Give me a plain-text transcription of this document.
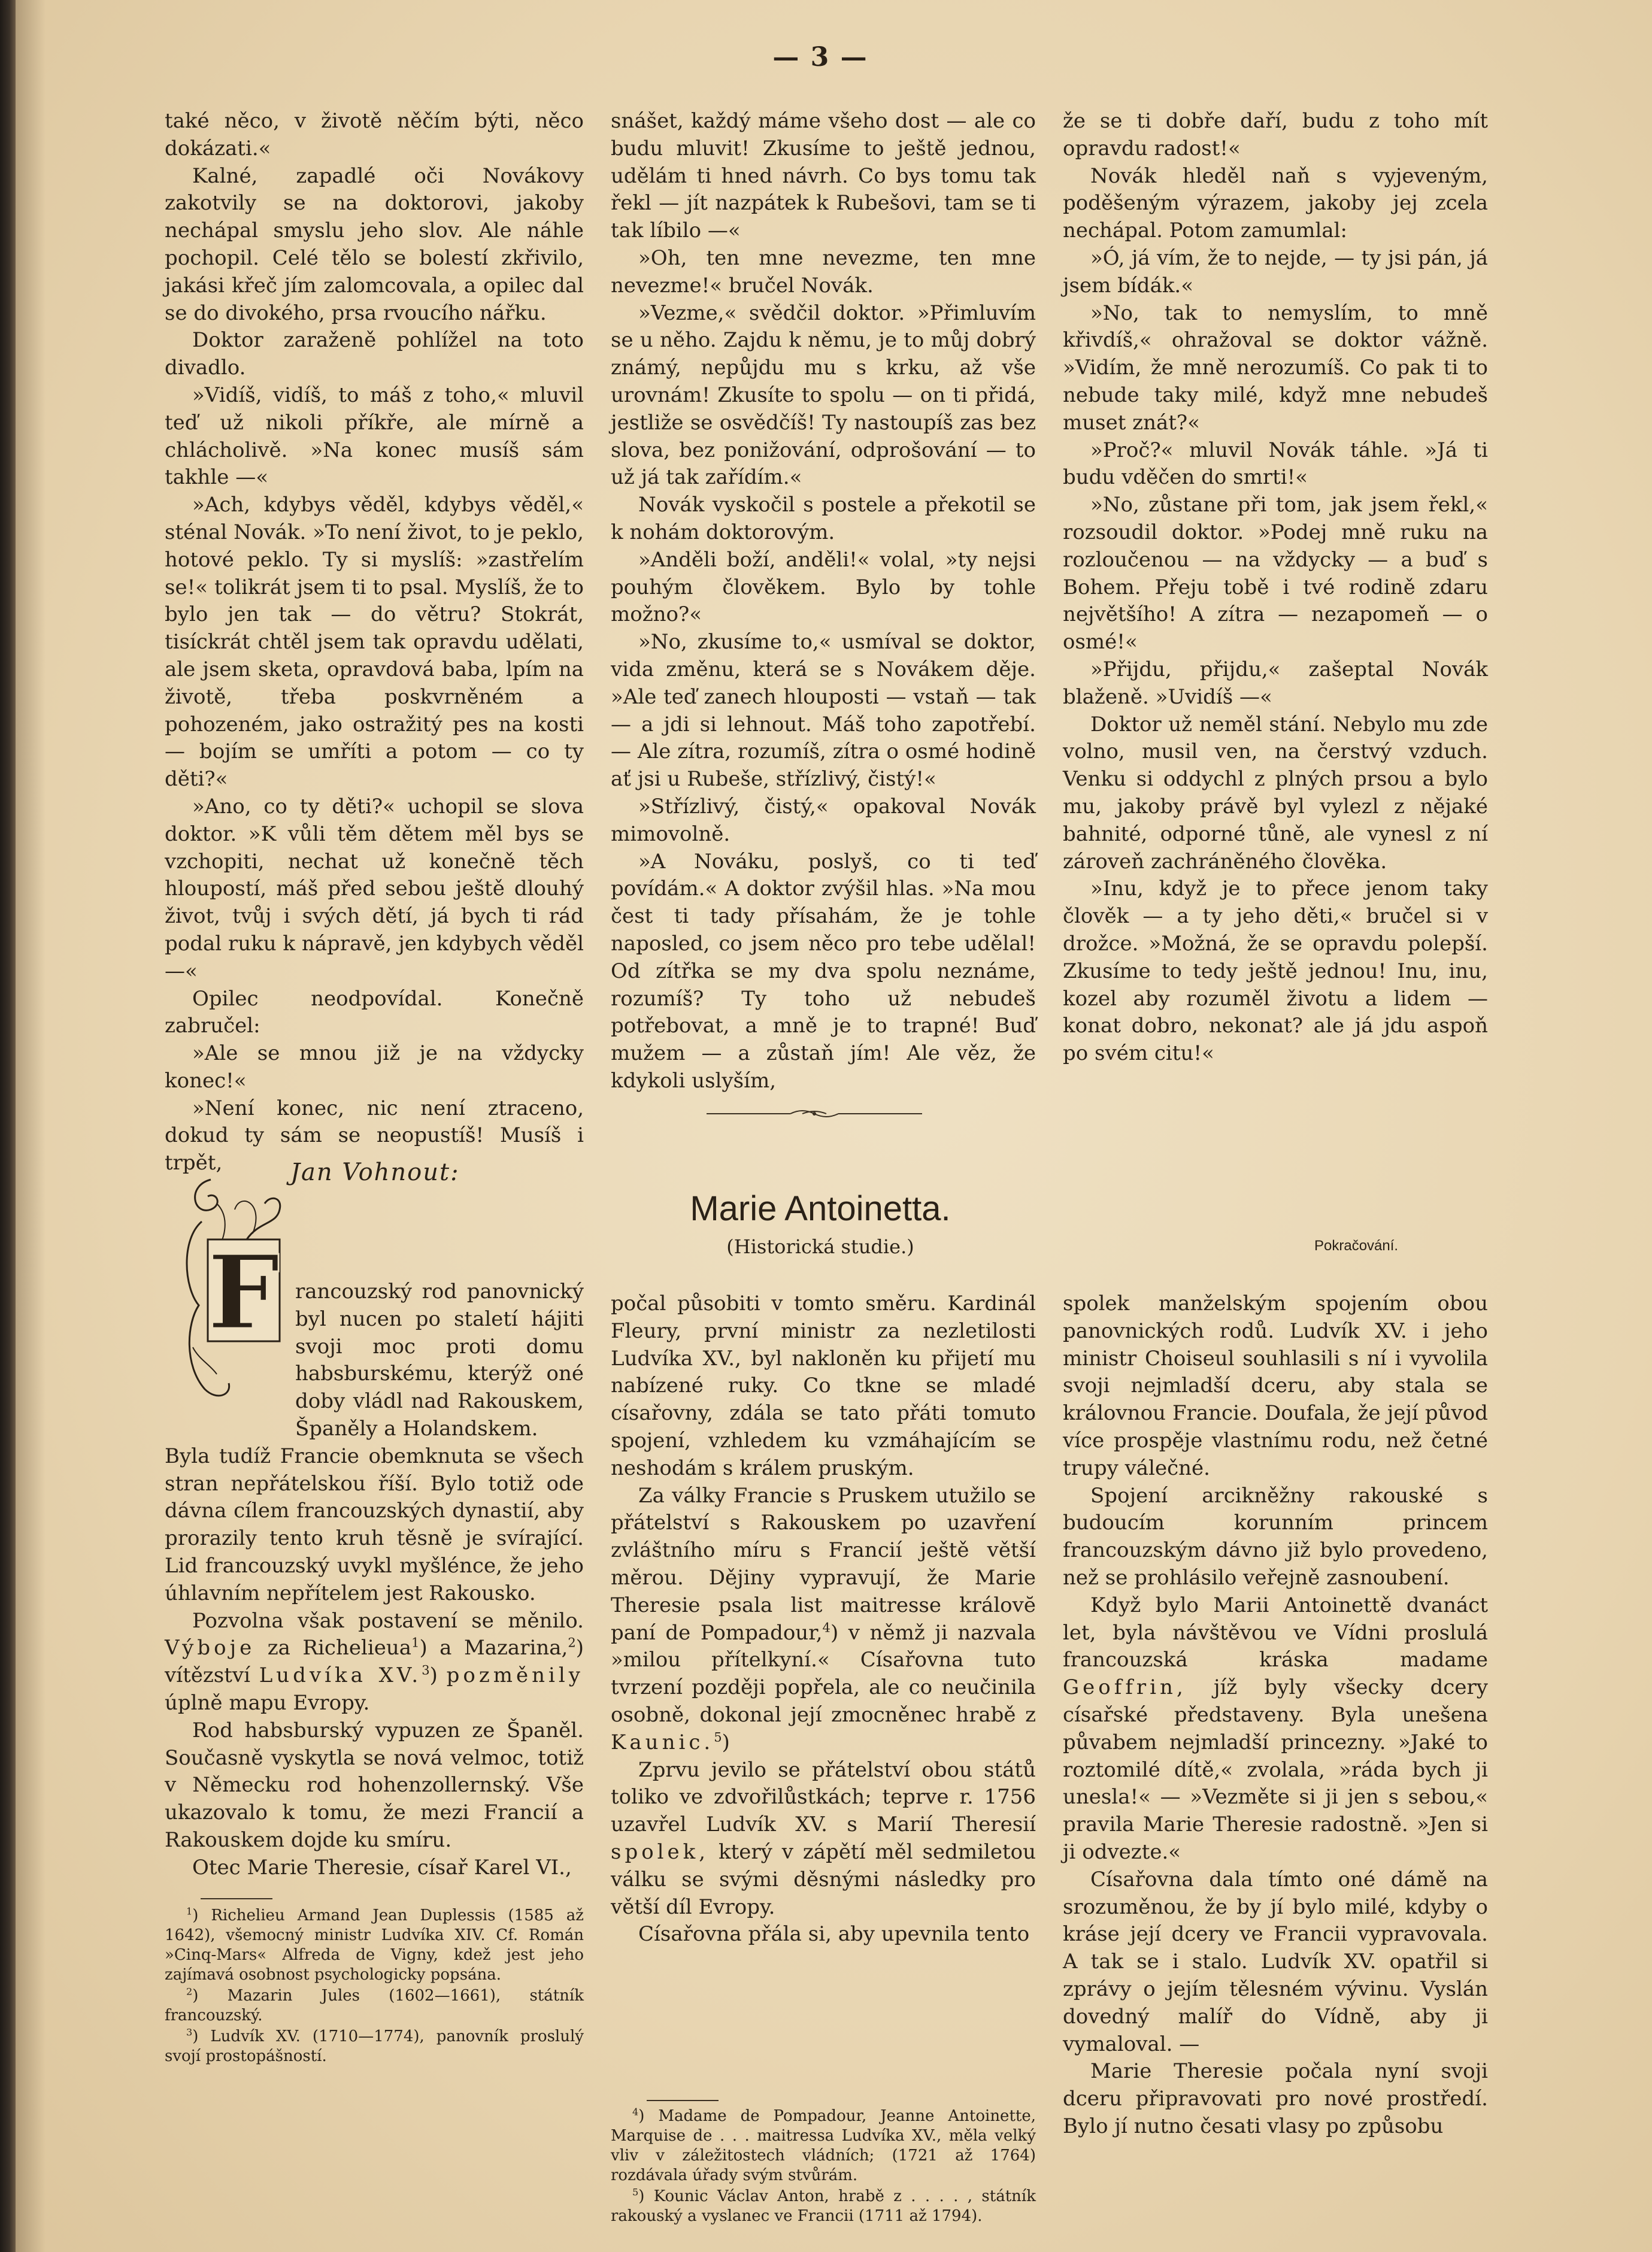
— 3 —

také něco, v životě něčím býti, něco dokázati.«

Kalné, zapadlé oči Novákovy zakotvily se na doktorovi, jakoby nechápal smyslu jeho slov. Ale náhle pochopil. Celé tělo se bolestí zkřivilo, jakási křeč jím zalomcovala, a opilec dal se do divokého, prsa rvoucího nářku.

Doktor zaraženě pohlížel na toto divadlo.

»Vidíš, vidíš, to máš z toho,« mluvil teď už nikoli příkře, ale mírně a chlácholivě. »Na konec musíš sám takhle —«

»Ach, kdybys věděl, kdybys věděl,« sténal Novák. »To není život, to je peklo, hotové peklo. Ty si myslíš: »zastřelím se!« tolikrát jsem ti to psal. Myslíš, že to bylo jen tak — do větru? Stokrát, tisíckrát chtěl jsem tak opravdu udělati, ale jsem sketa, opravdová baba, lpím na životě, třeba poskvrněném a pohozeném, jako ostražitý pes na kosti — bojím se umříti a potom — co ty děti?«

»Ano, co ty děti?« uchopil se slova doktor. »K vůli těm dětem měl bys se vzchopiti, nechat už konečně těch hloupostí, máš před sebou ještě dlouhý život, tvůj i svých dětí, já bych ti rád podal ruku k nápravě, jen kdybych věděl —«

Opilec neodpovídal. Konečně zabručel:

»Ale se mnou již je na vždycky konec!«

»Není konec, nic není ztraceno, dokud ty sám se neopustíš! Musíš i trpět,

snášet, každý máme všeho dost — ale co budu mluvit! Zkusíme to ještě jednou, udělám ti hned návrh. Co bys tomu tak řekl — jít nazpátek k Rubešovi, tam se ti tak líbilo —«

»Oh, ten mne nevezme, ten mne nevezme!« bručel Novák.

»Vezme,« svědčil doktor. »Přimluvím se u něho. Zajdu k němu, je to můj dobrý známý, nepůjdu mu s krku, až vše urovnám! Zkusíte to spolu — on ti přidá, jestliže se osvědčíš! Ty nastoupíš zas bez slova, bez ponižování, odprošování — to už já tak zařídím.«

Novák vyskočil s postele a překotil se k nohám doktorovým.

»Anděli boží, anděli!« volal, »ty nejsi pouhým člověkem. Bylo by tohle možno?«

»No, zkusíme to,« usmíval se doktor, vida změnu, která se s Novákem děje. »Ale teď zanech hlouposti — vstaň — tak — a jdi si lehnout. Máš toho zapotřebí. — Ale zítra, rozumíš, zítra o osmé hodině ať jsi u Rubeše, střízlivý, čistý!«

»Střízlivý, čistý,« opakoval Novák mimovolně.

»A Nováku, poslyš, co ti teď povídám.« A doktor zvýšil hlas. »Na mou čest ti tady přísahám, že je tohle naposled, co jsem něco pro tebe udělal! Od zítřka se my dva spolu neznáme, rozumíš? Ty toho už nebudeš potřebovat, a mně je to trapné! Buď mužem — a zůstaň jím! Ale věz, že kdykoli uslyším,

že se ti dobře daří, budu z toho mít opravdu radost!«

Novák hleděl naň s vyjeveným, poděšeným výrazem, jakoby jej zcela nechápal. Potom zamumlal:

»Ó, já vím, že to nejde, — ty jsi pán, já jsem bídák.«

»No, tak to nemyslím, to mně křivdíš,« ohražoval se doktor vážně. »Vidím, že mně nerozumíš. Co pak ti to nebude taky milé, když mne nebudeš muset znát?«

»Proč?« mluvil Novák táhle. »Já ti budu vděčen do smrti!«

»No, zůstane při tom, jak jsem řekl,« rozsoudil doktor. »Podej mně ruku na rozloučenou — na vždycky — a buď s Bohem. Přeju tobě i tvé rodině zdaru největšího! A zítra — nezapomeň — o osmé!«

»Přijdu, přijdu,« zašeptal Novák blaženě. »Uvidíš —«

Doktor už neměl stání. Nebylo mu zde volno, musil ven, na čerstvý vzduch. Venku si oddychl z plných prsou a bylo mu, jakoby právě byl vylezl z nějaké bahnité, odporné tůně, ale vynesl z ní zároveň zachráněného člověka.

»Inu, když je to přece jenom taky člověk — a ty jeho děti,« bručel si v drožce. »Možná, že se opravdu polepší. Zkusíme to tedy ještě jednou! Inu, inu, kozel aby rozuměl životu a lidem — konat dobro, nekonat? ale já jdu aspoň po svém citu!«

Jan Vohnout:
Marie Antoinetta.
(Historická studie.)	Pokračování.
F rancouzský rod panovnický byl nucen po staletí hájiti svoji moc proti domu habsburskému, kterýž oné doby vládl nad Rakouskem, Španěly a Holandskem.

Byla tudíž Francie obemknuta se všech stran nepřátelskou říší. Bylo totiž ode dávna cílem francouzských dynastií, aby prorazily tento kruh těsně je svírající. Lid francouzský uvykl myšlénce, že jeho úhlavním nepřítelem jest Rakousko.

Pozvolna však postavení se měnilo. Výboje za Richelieua$^1$) a Mazarina,$^2$) vítězství Ludvíka XV.$^3$) pozměnily úplně mapu Evropy.

Rod habsburský vypuzen ze Španěl. Současně vyskytla se nová velmoc, totiž v Německu rod hohenzollernský. Vše ukazovalo k tomu, že mezi Francií a Rakouskem dojde ku smíru.

Otec Marie Theresie, císař Karel VI.,

počal působiti v tomto směru. Kardinál Fleury, první ministr za nezletilosti Ludvíka XV., byl nakloněn ku přijetí mu nabízené ruky. Co tkne se mladé císařovny, zdála se tato přáti tomuto spojení, vzhledem ku vzmáhajícím se neshodám s králem pruským.

Za války Francie s Pruskem utužilo se přátelství s Rakouskem po uzavření zvláštního míru s Francií ještě větší měrou. Dějiny vypravují, že Marie Theresie psala list maitresse královĕ paní de Pompadour,$^4$) v němž ji nazvala »milou přítelkyní.« Císařovna tuto tvrzení později popřela, ale co neučinila osobně, dokonal její zmocněnec hrabě z Kaunic.$^5$)

Zprvu jevilo se přátelství obou států toliko ve zdvořilůstkách; teprve r. 1756 uzavřel Ludvík XV. s Marií Theresií spolek, který v zápětí měl sedmiletou válku se svými děsnými následky pro větší díl Evropy.

Císařovna přála si, aby upevnila tento

spolek manželským spojením obou panovnických rodů. Ludvík XV. i jeho ministr Choiseul souhlasili s ní i vyvolila svoji nejmladší dceru, aby stala se královnou Francie. Doufala, že její původ více prospěje vlastnímu rodu, než četné trupy válečné.

Spojení arcikněžny rakouské s budoucím korunním princem francouzským dávno již bylo provedeno, než se prohlásilo veřejně zasnoubení.

Když bylo Marii Antoinettě dvanáct let, byla návštěvou ve Vídni proslulá francouzská kráska madame Geoffrin, jíž byly všecky dcery císařské představeny. Byla unešena půvabem nejmladší princezny. »Jaké to roztomilé dítě,« zvolala, »ráda bych ji unesla!« — »Vezměte si ji jen s sebou,« pravila Marie Theresie radostně. »Jen si ji odvezte.«

Císařovna dala tímto oné dámě na srozuměnou, že by jí bylo milé, kdyby o kráse její dcery ve Francii vypravovala. A tak se i stalo. Ludvík XV. opatřil si zprávy o jejím tělesném vývinu. Vyslán dovedný malíř do Vídně, aby ji vymaloval. —

Marie Theresie počala nyní svoji dceru připravovati pro nové prostředí. Bylo jí nutno česati vlasy po způsobu

$^1$) Richelieu Armand Jean Duplessis (1585 až 1642), všemocný ministr Ludvíka XIV. Cf. Román »Cinq-Mars« Alfreda de Vigny, kdež jest jeho zajímavá osobnost psychologicky popsána.

$^2$) Mazarin Jules (1602—1661), státník francouzský.

$^3$) Ludvík XV. (1710—1774), panovník proslulý svojí prostopášností.

$^4$) Madame de Pompadour, Jeanne Antoinette, Marquise de . . . maitressa Ludvíka XV., měla velký vliv v záležitostech vládních; (1721 až 1764) rozdávala úřady svým stvůrám.

$^5$) Kounic Václav Anton, hrabě z . . . . , státník rakouský a vyslanec ve Francii (1711 až 1794).
